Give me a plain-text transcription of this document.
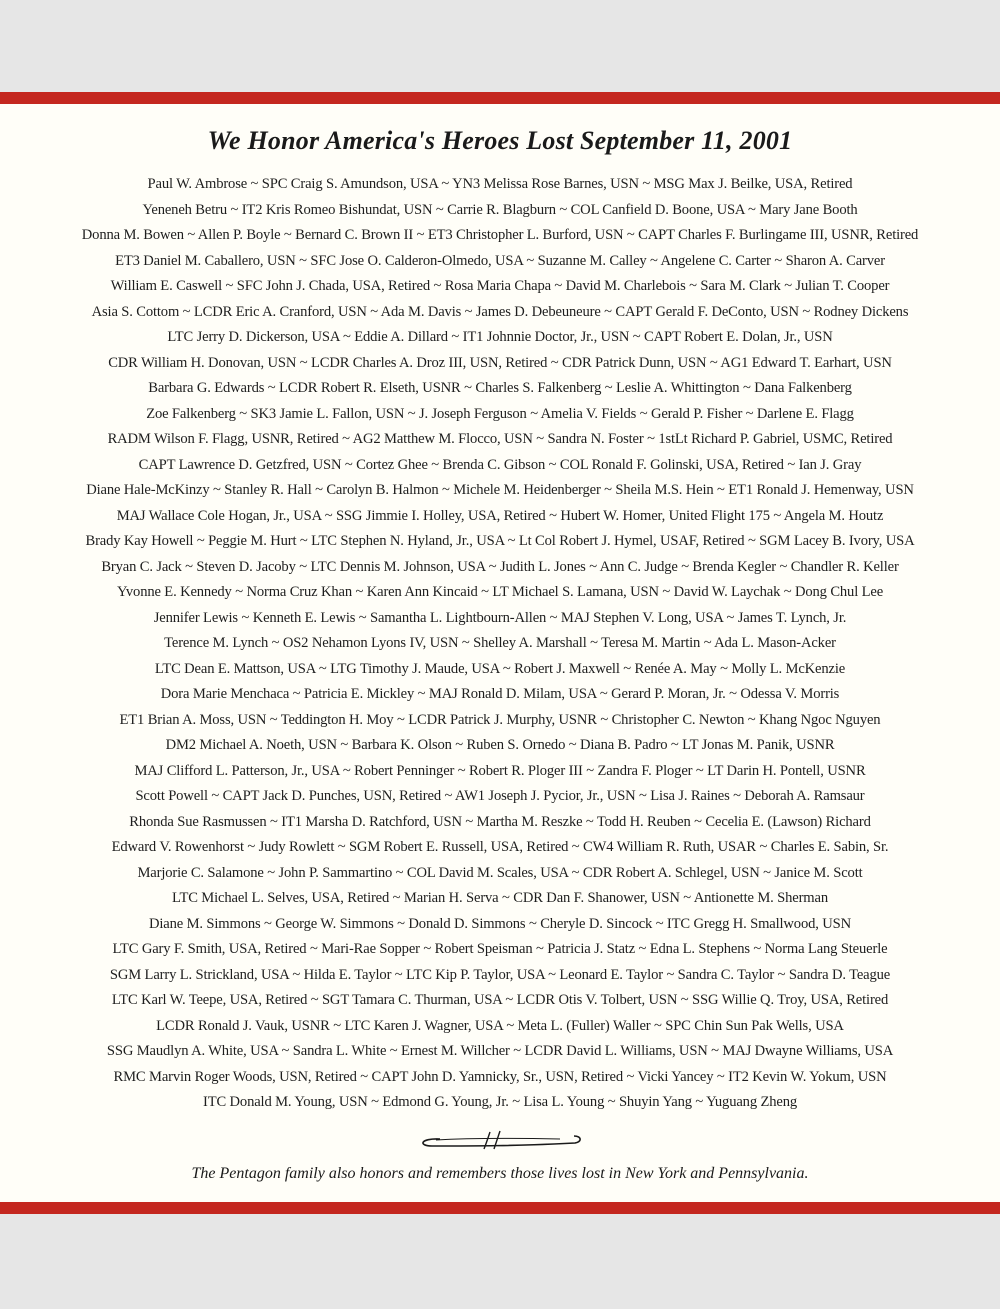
We Honor America's Heroes Lost September 11, 2001
Paul W. Ambrose ~ SPC Craig S. Amundson, USA ~ YN3 Melissa Rose Barnes, USN ~ MSG Max J. Beilke, USA, Retired
Yeneneh Betru ~ IT2 Kris Romeo Bishundat, USN ~ Carrie R. Blagburn ~ COL Canfield D. Boone, USA ~ Mary Jane Booth
Donna M. Bowen ~ Allen P. Boyle ~ Bernard C. Brown II ~ ET3 Christopher L. Burford, USN ~ CAPT Charles F. Burlingame III, USNR, Retired
ET3 Daniel M. Caballero, USN ~ SFC Jose O. Calderon-Olmedo, USA ~ Suzanne M. Calley ~ Angelene C. Carter ~ Sharon A. Carver
William E. Caswell ~ SFC John J. Chada, USA, Retired ~ Rosa Maria Chapa ~ David M. Charlebois ~ Sara M. Clark ~ Julian T. Cooper
Asia S. Cottom ~ LCDR Eric A. Cranford, USN ~ Ada M. Davis ~ James D. Debeuneure ~ CAPT Gerald F. DeConto, USN ~ Rodney Dickens
LTC Jerry D. Dickerson, USA ~ Eddie A. Dillard ~ IT1 Johnnie Doctor, Jr., USN ~ CAPT Robert E. Dolan, Jr., USN
CDR William H. Donovan, USN ~ LCDR Charles A. Droz III, USN, Retired ~ CDR Patrick Dunn, USN ~ AG1 Edward T. Earhart, USN
Barbara G. Edwards ~ LCDR Robert R. Elseth, USNR ~ Charles S. Falkenberg ~ Leslie A. Whittington ~ Dana Falkenberg
Zoe Falkenberg ~ SK3 Jamie L. Fallon, USN ~ J. Joseph Ferguson ~ Amelia V. Fields ~ Gerald P. Fisher ~ Darlene E. Flagg
RADM Wilson F. Flagg, USNR, Retired ~ AG2 Matthew M. Flocco, USN ~ Sandra N. Foster ~ 1stLt Richard P. Gabriel, USMC, Retired
CAPT Lawrence D. Getzfred, USN ~ Cortez Ghee ~ Brenda C. Gibson ~ COL Ronald F. Golinski, USA, Retired ~ Ian J. Gray
Diane Hale-McKinzy ~ Stanley R. Hall ~ Carolyn B. Halmon ~ Michele M. Heidenberger ~ Sheila M.S. Hein ~ ET1 Ronald J. Hemenway, USN
MAJ Wallace Cole Hogan, Jr., USA ~ SSG Jimmie I. Holley, USA, Retired ~ Hubert W. Homer, United Flight 175 ~ Angela M. Houtz
Brady Kay Howell ~ Peggie M. Hurt ~ LTC Stephen N. Hyland, Jr., USA ~ Lt Col Robert J. Hymel, USAF, Retired ~ SGM Lacey B. Ivory, USA
Bryan C. Jack ~ Steven D. Jacoby ~ LTC Dennis M. Johnson, USA ~ Judith L. Jones ~ Ann C. Judge ~ Brenda Kegler ~ Chandler R. Keller
Yvonne E. Kennedy ~ Norma Cruz Khan ~ Karen Ann Kincaid ~ LT Michael S. Lamana, USN ~ David W. Laychak ~ Dong Chul Lee
Jennifer Lewis ~ Kenneth E. Lewis ~ Samantha L. Lightbourn-Allen ~ MAJ Stephen V. Long, USA ~ James T. Lynch, Jr.
Terence M. Lynch ~ OS2 Nehamon Lyons IV, USN ~ Shelley A. Marshall ~ Teresa M. Martin ~ Ada L. Mason-Acker
LTC Dean E. Mattson, USA ~ LTG Timothy J. Maude, USA ~ Robert J. Maxwell ~ Renée A. May ~ Molly L. McKenzie
Dora Marie Menchaca ~ Patricia E. Mickley ~ MAJ Ronald D. Milam, USA ~ Gerard P. Moran, Jr. ~ Odessa V. Morris
ET1 Brian A. Moss, USN ~ Teddington H. Moy ~ LCDR Patrick J. Murphy, USNR ~ Christopher C. Newton ~ Khang Ngoc Nguyen
DM2 Michael A. Noeth, USN ~ Barbara K. Olson ~ Ruben S. Ornedo ~ Diana B. Padro ~ LT Jonas M. Panik, USNR
MAJ Clifford L. Patterson, Jr., USA ~ Robert Penninger ~ Robert R. Ploger III ~ Zandra F. Ploger ~ LT Darin H. Pontell, USNR
Scott Powell ~ CAPT Jack D. Punches, USN, Retired ~ AW1 Joseph J. Pycior, Jr., USN ~ Lisa J. Raines ~ Deborah A. Ramsaur
Rhonda Sue Rasmussen ~ IT1 Marsha D. Ratchford, USN ~ Martha M. Reszke ~ Todd H. Reuben ~ Cecelia E. (Lawson) Richard
Edward V. Rowenhorst ~ Judy Rowlett ~ SGM Robert E. Russell, USA, Retired ~ CW4 William R. Ruth, USAR ~ Charles E. Sabin, Sr.
Marjorie C. Salamone ~ John P. Sammartino ~ COL David M. Scales, USA ~ CDR Robert A. Schlegel, USN ~ Janice M. Scott
LTC Michael L. Selves, USA, Retired ~ Marian H. Serva ~ CDR Dan F. Shanower, USN ~ Antionette M. Sherman
Diane M. Simmons ~ George W. Simmons ~ Donald D. Simmons ~ Cheryle D. Sincock ~ ITC Gregg H. Smallwood, USN
LTC Gary F. Smith, USA, Retired ~ Mari-Rae Sopper ~ Robert Speisman ~ Patricia J. Statz ~ Edna L. Stephens ~ Norma Lang Steuerle
SGM Larry L. Strickland, USA ~ Hilda E. Taylor ~ LTC Kip P. Taylor, USA ~ Leonard E. Taylor ~ Sandra C. Taylor ~ Sandra D. Teague
LTC Karl W. Teepe, USA, Retired ~ SGT Tamara C. Thurman, USA ~ LCDR Otis V. Tolbert, USN ~ SSG Willie Q. Troy, USA, Retired
LCDR Ronald J. Vauk, USNR ~ LTC Karen J. Wagner, USA ~ Meta L. (Fuller) Waller ~ SPC Chin Sun Pak Wells, USA
SSG Maudlyn A. White, USA ~ Sandra L. White ~ Ernest M. Willcher ~ LCDR David L. Williams, USN ~ MAJ Dwayne Williams, USA
RMC Marvin Roger Woods, USN, Retired ~ CAPT John D. Yamnicky, Sr., USN, Retired ~ Vicki Yancey ~ IT2 Kevin W. Yokum, USN
ITC Donald M. Young, USN ~ Edmond G. Young, Jr. ~ Lisa L. Young ~ Shuyin Yang ~ Yuguang Zheng
The Pentagon family also honors and remembers those lives lost in New York and Pennsylvania.
